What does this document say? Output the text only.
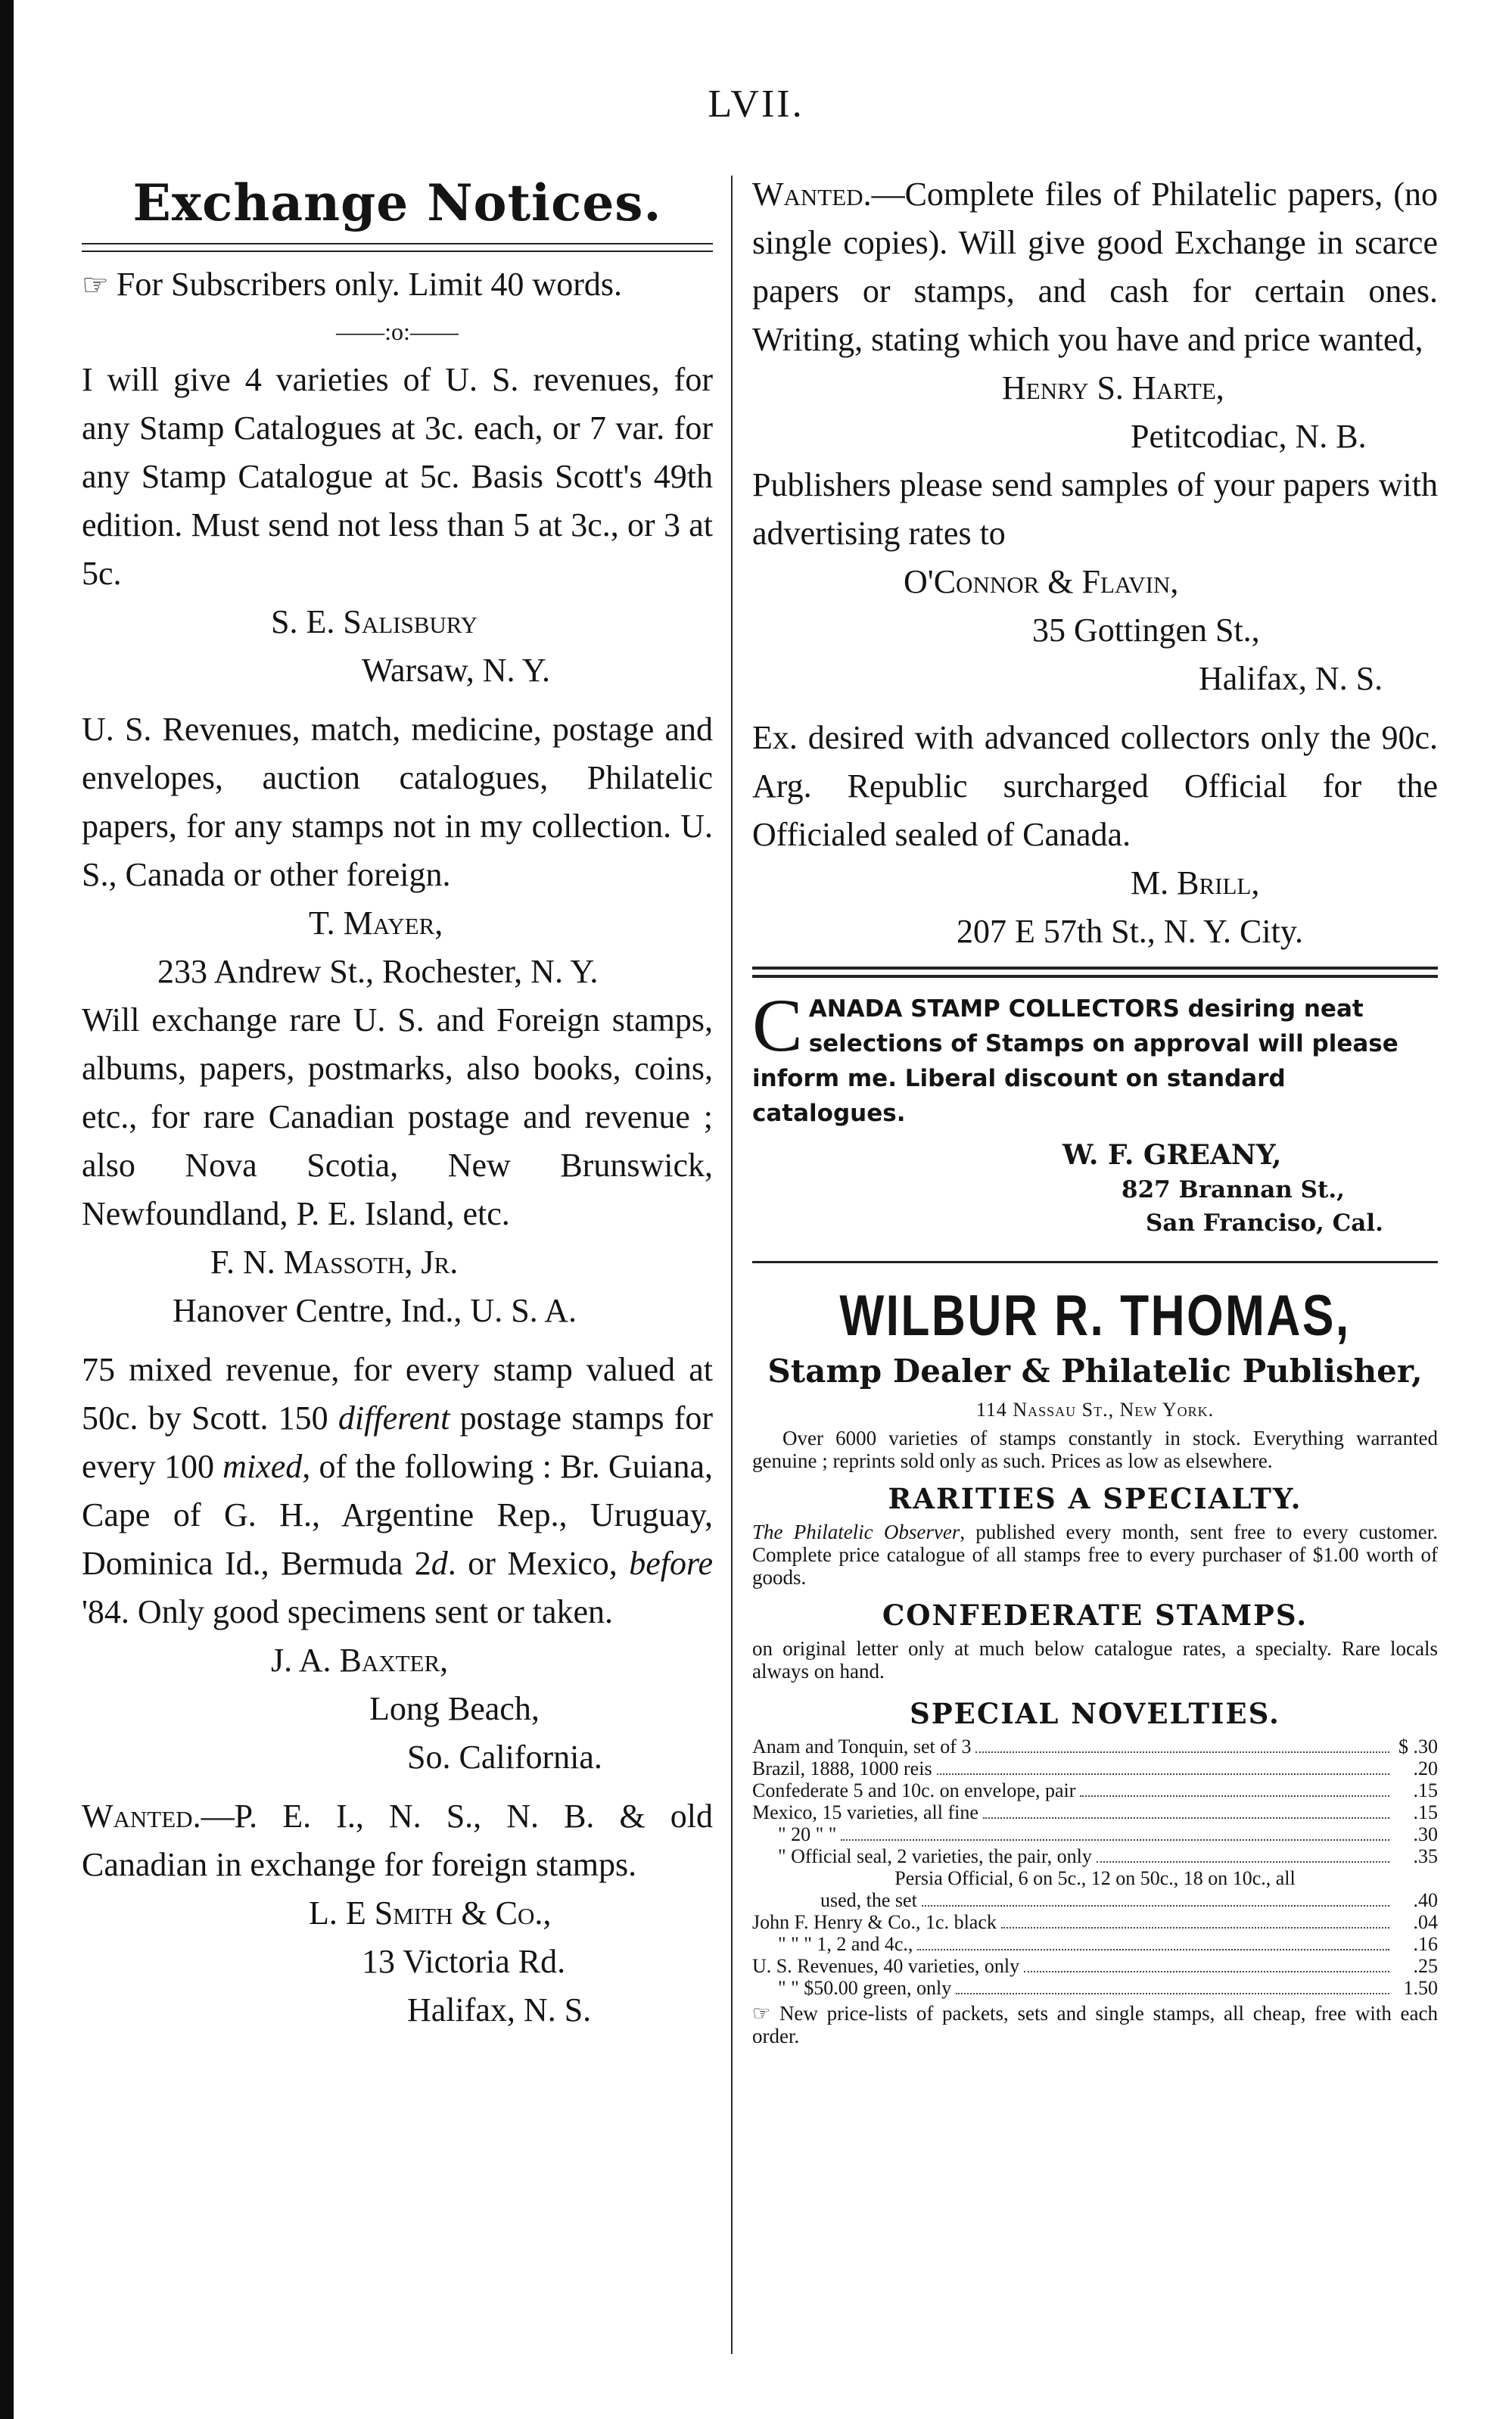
LVII.
Exchange Notices.

☞ For Subscribers only. Limit 40 words.

——:o:——

I will give 4 varieties of U. S. revenues, for any Stamp Catalogues at 3c. each, or 7 var. for any Stamp Catalogue at 5c. Basis Scott's 49th edition. Must send not less than 5 at 3c., or 3 at 5c.

S. E. Salisbury
Warsaw, N. Y.

U. S. Revenues, match, medicine, postage and envelopes, auction catalogues, Philatelic papers, for any stamps not in my collection. U. S., Canada or other foreign.

T. Mayer,
233 Andrew St., Rochester, N. Y.

Will exchange rare U. S. and Foreign stamps, albums, papers, postmarks, also books, coins, etc., for rare Canadian postage and revenue ; also Nova Scotia, New Brunswick, Newfoundland, P. E. Island, etc.

F. N. Massoth, Jr.
Hanover Centre, Ind., U. S. A.

75 mixed revenue, for every stamp valued at 50c. by Scott. 150 different postage stamps for every 100 mixed, of the following : Br. Guiana, Cape of G. H., Argentine Rep., Uruguay, Dominica Id., Bermuda 2d. or Mexico, before '84. Only good specimens sent or taken.

J. A. Baxter,
Long Beach,
So. California.

Wanted.—P. E. I., N. S., N. B. & old Canadian in exchange for foreign stamps.

L. E Smith & Co.,
13 Victoria Rd.
Halifax, N. S.

Wanted.—Complete files of Philatelic papers, (no single copies). Will give good Exchange in scarce papers or stamps, and cash for certain ones. Writing, stating which you have and price wanted,

Henry S. Harte,
Petitcodiac, N. B.

Publishers please send samples of your papers with advertising rates to

O'Connor & Flavin,
35 Gottingen St.,
Halifax, N. S.

Ex. desired with advanced collectors only the 90c. Arg. Republic surcharged Official for the Officialed sealed of Canada.

M. Brill,
207 E 57th St., N. Y. City.
CANADA STAMP COLLECTORS desiring neat selections of Stamps on approval will please inform me. Liberal discount on standard catalogues.
W. F. GREANY,
827 Brannan St.,
San Franciso, Cal.
WILBUR R. THOMAS,
Stamp Dealer & Philatelic Publisher,
114 Nassau St., New York.
Over 6000 varieties of stamps constantly in stock. Everything warranted genuine ; reprints sold only as such. Prices as low as elsewhere.
RARITIES A SPECIALTY.
The Philatelic Observer, published every month, sent free to every customer. Complete price catalogue of all stamps free to every purchaser of $1.00 worth of goods.
CONFEDERATE STAMPS.
on original letter only at much below catalogue rates, a specialty. Rare locals always on hand.
SPECIAL NOVELTIES.
Anam and Tonquin, set of 3	$ .30
Brazil, 1888, 1000 reis	.20
Confederate 5 and 10c. on envelope, pair	.15
Mexico, 15 varieties, all fine	.15
" 20 " "	.30
" Official seal, 2 varieties, the pair, only	.35
Persia Official, 6 on 5c., 12 on 50c., 18 on 10c., all
used, the set	.40
John F. Henry & Co., 1c. black	.04
" " " 1, 2 and 4c.,	.16
U. S. Revenues, 40 varieties, only	.25
" " $50.00 green, only	1.50
☞ New price-lists of packets, sets and single stamps, all cheap, free with each order.
